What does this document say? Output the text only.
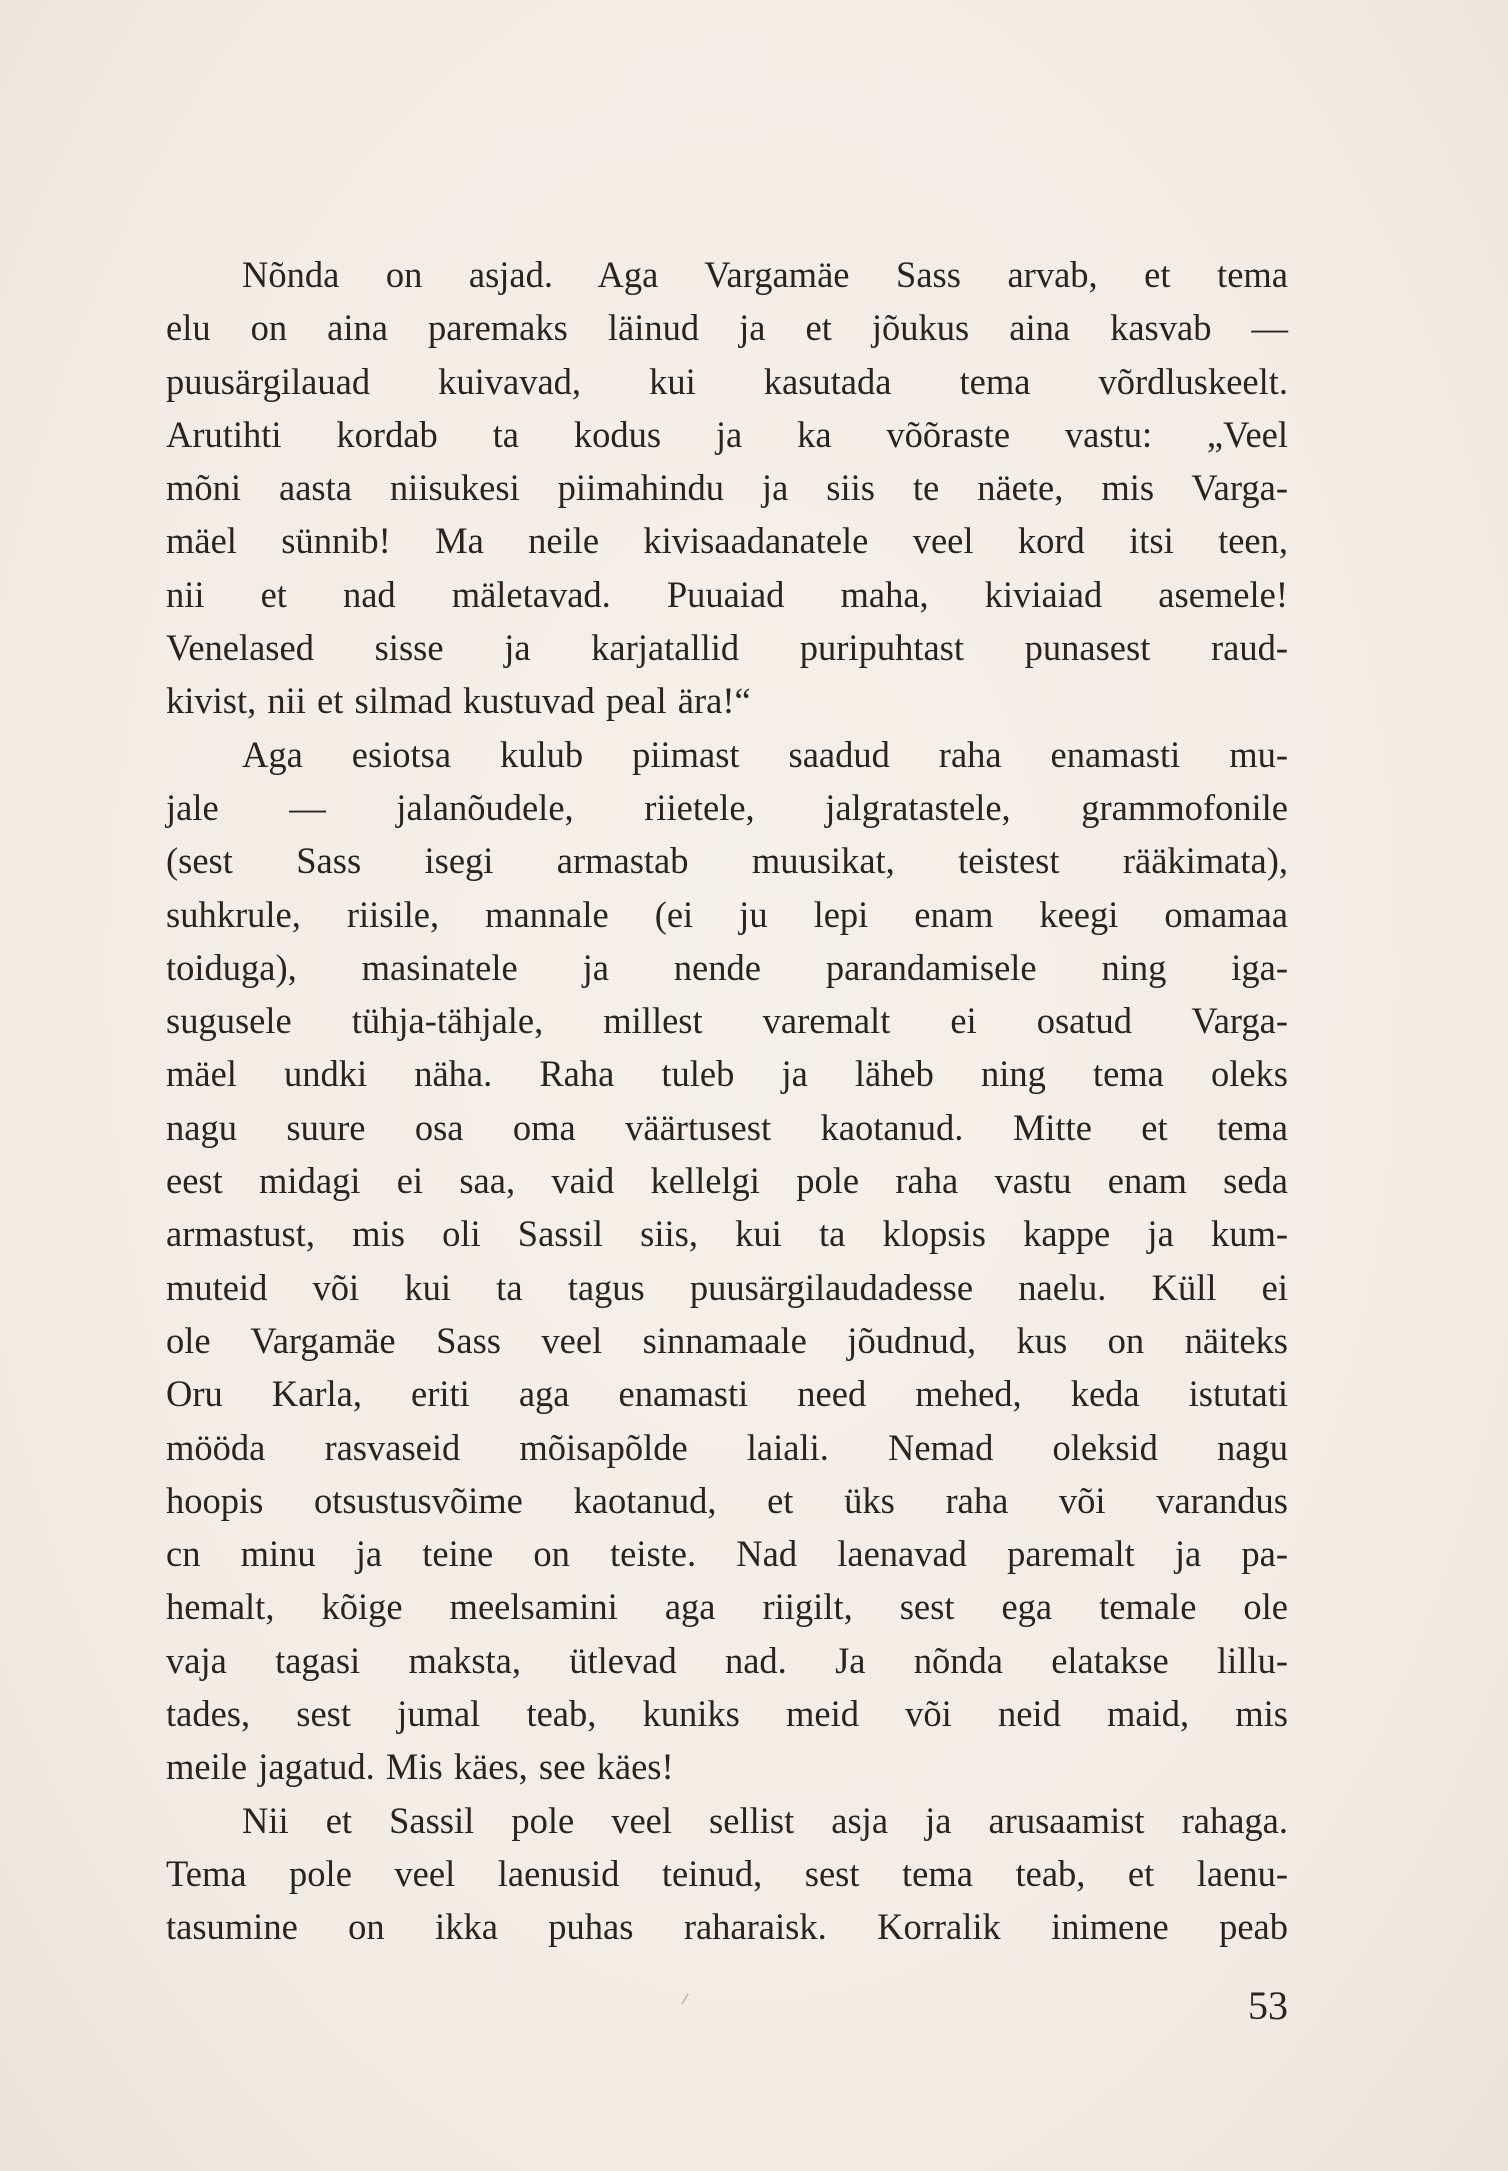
Nõnda on asjad. Aga Vargamäe Sass arvab, et tema
elu on aina paremaks läinud ja et jõukus aina kasvab —
puusärgilauad kuivavad, kui kasutada tema võrdluskeelt.
Arutihti kordab ta kodus ja ka võõraste vastu: „Veel
mõni aasta niisukesi piimahindu ja siis te näete, mis Varga-
mäel sünnib! Ma neile kivisaadanatele veel kord itsi teen,
nii et nad mäletavad. Puuaiad maha, kiviaiad asemele!
Venelased sisse ja karjatallid puripuhtast punasest raud-
kivist, nii et silmad kustuvad peal ära!“
Aga esiotsa kulub piimast saadud raha enamasti mu-
jale — jalanõudele, riietele, jalgratastele, grammofonile
(sest Sass isegi armastab muusikat, teistest rääkimata),
suhkrule, riisile, mannale (ei ju lepi enam keegi omamaa
toiduga), masinatele ja nende parandamisele ning iga-
sugusele tühja-tähjale, millest varemalt ei osatud Varga-
mäel undki näha. Raha tuleb ja läheb ning tema oleks
nagu suure osa oma väärtusest kaotanud. Mitte et tema
eest midagi ei saa, vaid kellelgi pole raha vastu enam seda
armastust, mis oli Sassil siis, kui ta klopsis kappe ja kum-
muteid või kui ta tagus puusärgilaudadesse naelu. Küll ei
ole Vargamäe Sass veel sinnamaale jõudnud, kus on näiteks
Oru Karla, eriti aga enamasti need mehed, keda istutati
mööda rasvaseid mõisapõlde laiali. Nemad oleksid nagu
hoopis otsustusvõime kaotanud, et üks raha või varandus
cn minu ja teine on teiste. Nad laenavad paremalt ja pa-
hemalt, kõige meelsamini aga riigilt, sest ega temale ole
vaja tagasi maksta, ütlevad nad. Ja nõnda elatakse lillu-
tades, sest jumal teab, kuniks meid või neid maid, mis
meile jagatud. Mis käes, see käes!
Nii et Sassil pole veel sellist asja ja arusaamist rahaga.
Tema pole veel laenusid teinud, sest tema teab, et laenu-
tasumine on ikka puhas raharaisk. Korralik inimene peab
53
